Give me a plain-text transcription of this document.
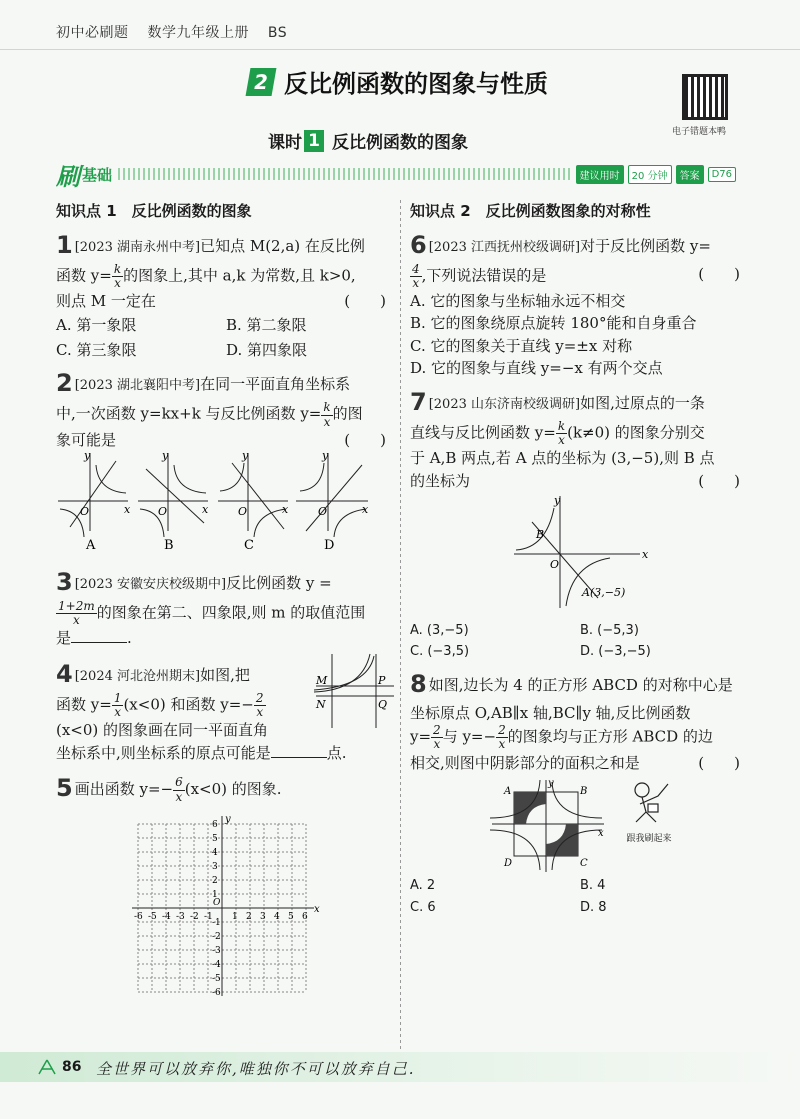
初中必刷题 数学九年级上册 BS
2 反比例函数的图象与性质
电子错题本鸭
课时 1 反比例函数的图象
刷 基础	建议用时	20 分钟	答案	D76
知识点 1　反比例函数的图象
1 [2023 湖南永州中考]已知点 M(2,a) 在反比例
函数 $y= \frac{k}{x}$ 的图象上,其中 a,k 为常数,且 k>0,
则点 M 一定在	(　　)
A. 第一象限	B. 第二象限
C. 第三象限	D. 第四象限
2 [2023 湖北襄阳中考]在同一平面直角坐标系
中,一次函数 y=kx+k 与反比例函数 $y= \frac{k}{x}$ 的图
象可能是	(　　)
y
x
O
y
x
O
y
x
O
y
x
O
A	B	C	D
3 [2023 安徽安庆校级期中]反比例函数 y =
$\frac{1+2m}{x}$ 的图象在第二、四象限,则 m 的取值范围
是	.
M
N
P
Q
4 [2024 河北沧州期末]如图,把
函数 $y= \frac{1}{x} (x<0)$ 和函数 $y=- \frac{2}{x}$
(x<0) 的图象画在同一平面直角
坐标系中,则坐标系的原点可能是	点.
5 画出函数 $y=- \frac{6}{x} (x<0)$ 的图象.
-6 -5 -4 -3 -2 -1 1 2 3 4 5 6
6
5
4
3
2
1
-1
-2
-3
-4
-5
-6
O
x
y
知识点 2　反比例函数图象的对称性
6 [2023 江西抚州校级调研]对于反比例函数 y=
$\frac{4}{x}$ ,下列说法错误的是	(　　)
A. 它的图象与坐标轴永远不相交
B. 它的图象绕原点旋转 180°能和自身重合
C. 它的图象关于直线 y=±x 对称
D. 它的图象与直线 y=−x 有两个交点
7 [2023 山东济南校级调研]如图,过原点的一条
直线与反比例函数 $y= \frac{k}{x} (k\ne 0)$ 的图象分别交
于 A,B 两点,若 A 点的坐标为 (3,−5),则 B 点
的坐标为	(　　)
B
O
A(3,−5)
x
y
A. (3,−5)	B. (−5,3)
C. (−3,5)	D. (−3,−5)
8 如图,边长为 4 的正方形 ABCD 的对称中心是
坐标原点 O,AB∥x 轴,BC∥y 轴,反比例函数
$y= \frac{2}{x}$ 与 $y=- \frac{2}{x}$ 的图象均与正方形 ABCD 的边
相交,则图中阴影部分的面积之和是	(　　)
A	B
C
D
y
x	跟我刷起来
A. 2	B. 4
C. 6	D. 8
86 全世界可以放弃你,唯独你不可以放弃自己.
